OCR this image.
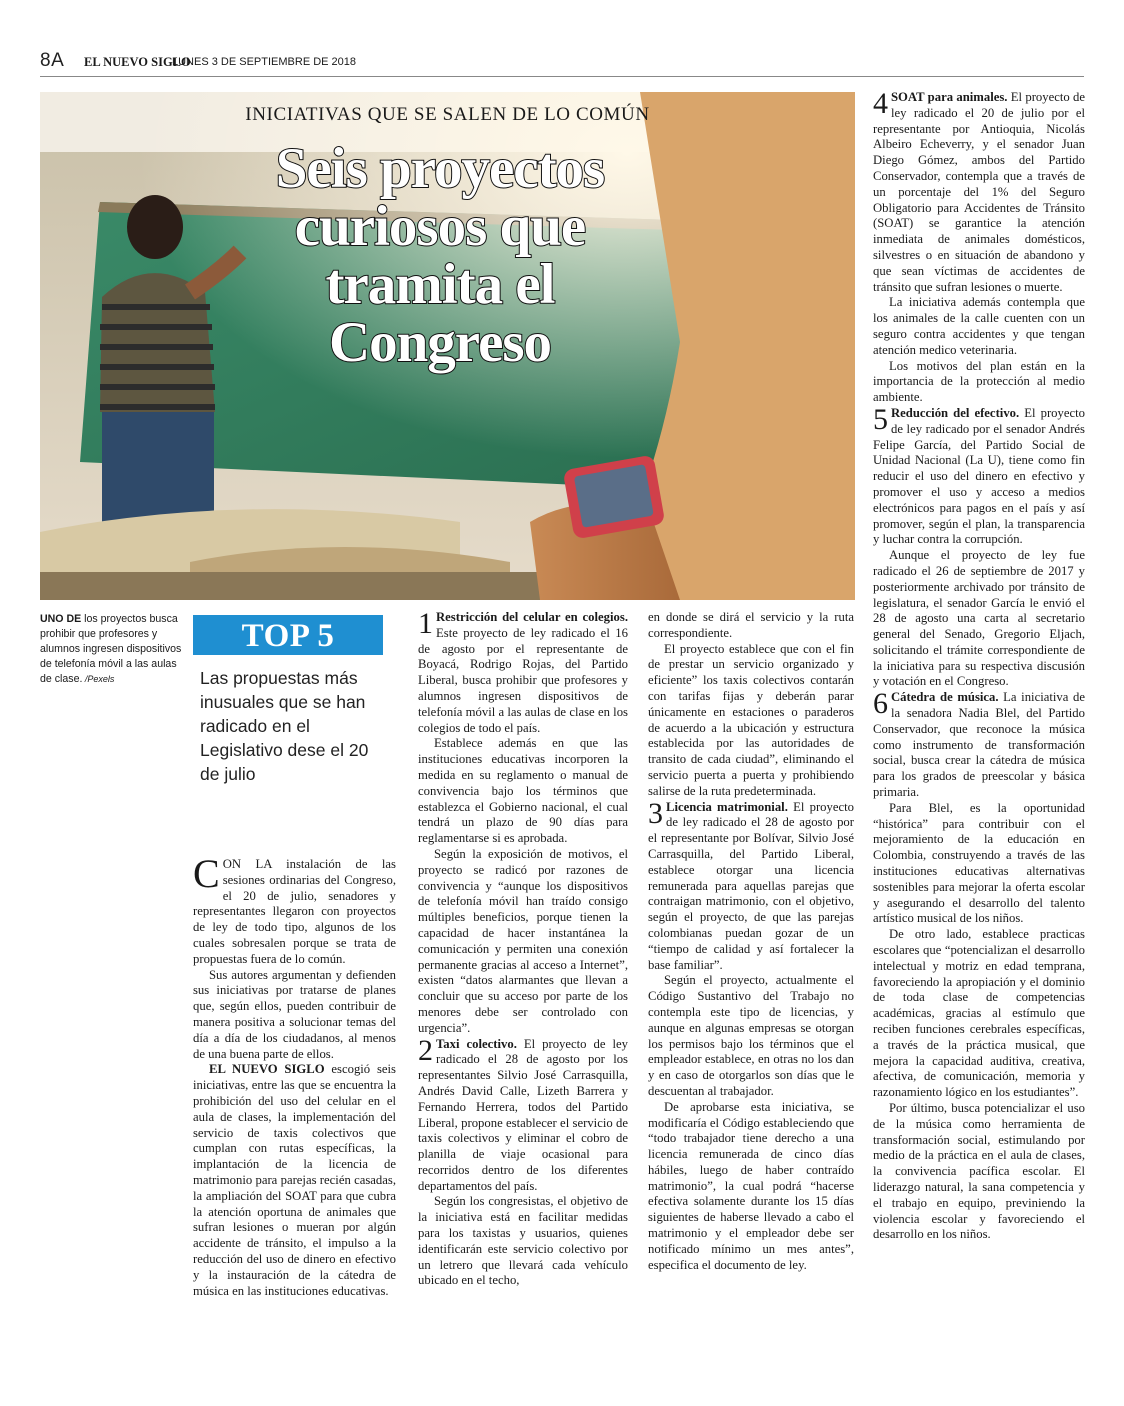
8A EL NUEVO SIGLO
LUNES 3 DE SEPTIEMBRE DE 2018
INICIATIVAS QUE SE SALEN DE LO COMÚN
Seis proyectos
curiosos que
tramita el
Congreso
UNO DE los proyectos busca prohibir que profesores y alumnos ingresen dispositivos de telefonía móvil a las aulas de clase. /Pexels
TOP 5
Las propuestas más inusuales que se han radicado en el Legislativo dese el 20 de julio

CON LA instalación de las sesiones ordinarias del Congreso, el 20 de julio, senadores y representantes llegaron con proyectos de ley de todo tipo, algunos de los cuales sobresalen porque se trata de propuestas fuera de lo común.

Sus autores argumentan y defienden sus iniciativas por tratarse de planes que, según ellos, pueden contribuir de manera positiva a solucionar temas del día a día de los ciudadanos, al menos de una buena parte de ellos.

EL NUEVO SIGLO escogió seis iniciativas, entre las que se encuentra la prohibición del uso del celular en el aula de clases, la implementación del servicio de taxis colectivos que cumplan con rutas específicas, la implantación de la licencia de matrimonio para parejas recién casadas, la ampliación del SOAT para que cubra la atención oportuna de animales que sufran lesiones o mueran por algún accidente de tránsito, el impulso a la reducción del uso de dinero en efectivo y la instauración de la cátedra de música en las instituciones educativas.

1 Restricción del celular en colegios. Este proyecto de ley radicado el 16 de agosto por el representante de Boyacá, Rodrigo Rojas, del Partido Liberal, busca prohibir que profesores y alumnos ingresen dispositivos de telefonía móvil a las aulas de clase en los colegios de todo el país.

Establece además en que las instituciones educativas incorporen la medida en su reglamento o manual de convivencia bajo los términos que establezca el Gobierno nacional, el cual tendrá un plazo de 90 días para reglamentarse si es aprobada.

Según la exposición de motivos, el proyecto se radicó por razones de convivencia y “aunque los dispositivos de telefonía móvil han traído consigo múltiples beneficios, porque tienen la capacidad de hacer instantánea la comunicación y permiten una conexión permanente gracias al acceso a Internet”, existen “datos alarmantes que llevan a concluir que su acceso por parte de los menores debe ser controlado con urgencia”.

2 Taxi colectivo. El proyecto de ley radicado el 28 de agosto por los representantes Silvio José Carrasquilla, Andrés David Calle, Lizeth Barrera y Fernando Herrera, todos del Partido Liberal, propone establecer el servicio de taxis colectivos y eliminar el cobro de planilla de viaje ocasional para recorridos dentro de los diferentes departamentos del país.

Según los congresistas, el objetivo de la iniciativa está en facilitar medidas para los taxistas y usuarios, quienes identificarán este servicio colectivo por un letrero que llevará cada vehículo ubicado en el techo,

en donde se dirá el servicio y la ruta correspondiente.

El proyecto establece que con el fin de prestar un servicio organizado y eficiente” los taxis colectivos contarán con tarifas fijas y deberán parar únicamente en estaciones o paraderos de acuerdo a la ubicación y estructura establecida por las autoridades de transito de cada ciudad”, eliminando el servicio puerta a puerta y prohibiendo salirse de la ruta predeterminada.

3 Licencia matrimonial. El proyecto de ley radicado el 28 de agosto por el representante por Bolívar, Silvio José Carrasquilla, del Partido Liberal, establece otorgar una licencia remunerada para aquellas parejas que contraigan matrimonio, con el objetivo, según el proyecto, de que las parejas colombianas puedan gozar de un “tiempo de calidad y así fortalecer la base familiar”.

Según el proyecto, actualmente el Código Sustantivo del Trabajo no contempla este tipo de licencias, y aunque en algunas empresas se otorgan los permisos bajo los términos que el empleador establece, en otras no los dan y en caso de otorgarlos son días que le descuentan al trabajador.

De aprobarse esta iniciativa, se modificaría el Código estableciendo que “todo trabajador tiene derecho a una licencia remunerada de cinco días hábiles, luego de haber contraído matrimonio”, la cual podrá “hacerse efectiva solamente durante los 15 días siguientes de haberse llevado a cabo el matrimonio y el empleador debe ser notificado mínimo un mes antes”, especifica el documento de ley.

4 SOAT para animales. El proyecto de ley radicado el 20 de julio por el representante por Antioquia, Nicolás Albeiro Echeverry, y el senador Juan Diego Gómez, ambos del Partido Conservador, contempla que a través de un porcentaje del 1% del Seguro Obligatorio para Accidentes de Tránsito (SOAT) se garantice la atención inmediata de animales domésticos, silvestres o en situación de abandono y que sean víctimas de accidentes de tránsito que sufran lesiones o muerte.

La iniciativa además contempla que los animales de la calle cuenten con un seguro contra accidentes y que tengan atención medico veterinaria.

Los motivos del plan están en la importancia de la protección al medio ambiente.

5 Reducción del efectivo. El proyecto de ley radicado por el senador Andrés Felipe García, del Partido Social de Unidad Nacional (La U), tiene como fin reducir el uso del dinero en efectivo y promover el uso y acceso a medios electrónicos para pagos en el país y así promover, según el plan, la transparencia y luchar contra la corrupción.

Aunque el proyecto de ley fue radicado el 26 de septiembre de 2017 y posteriormente archivado por tránsito de legislatura, el senador García le envió el 28 de agosto una carta al secretario general del Senado, Gregorio Eljach, solicitando el trámite correspondiente de la iniciativa para su respectiva discusión y votación en el Congreso.

6 Cátedra de música. La iniciativa de la senadora Nadia Blel, del Partido Conservador, que reconoce la música como instrumento de transformación social, busca crear la cátedra de música para los grados de preescolar y básica primaria.

Para Blel, es la oportunidad “histórica” para contribuir con el mejoramiento de la educación en Colombia, construyendo a través de las instituciones educativas alternativas sostenibles para mejorar la oferta escolar y asegurando el desarrollo del talento artístico musical de los niños.

De otro lado, establece practicas escolares que “potencializan el desarrollo intelectual y motriz en edad temprana, favoreciendo la apropiación y el dominio de toda clase de competencias académicas, gracias al estímulo que reciben funciones cerebrales específicas, a través de la práctica musical, que mejora la capacidad auditiva, creativa, afectiva, de comunicación, memoria y razonamiento lógico en los estudiantes”.

Por último, busca potencializar el uso de la música como herramienta de transformación social, estimulando por medio de la práctica en el aula de clases, la convivencia pacífica escolar. El liderazgo natural, la sana competencia y el trabajo en equipo, previniendo la violencia escolar y favoreciendo el desarrollo en los niños.
